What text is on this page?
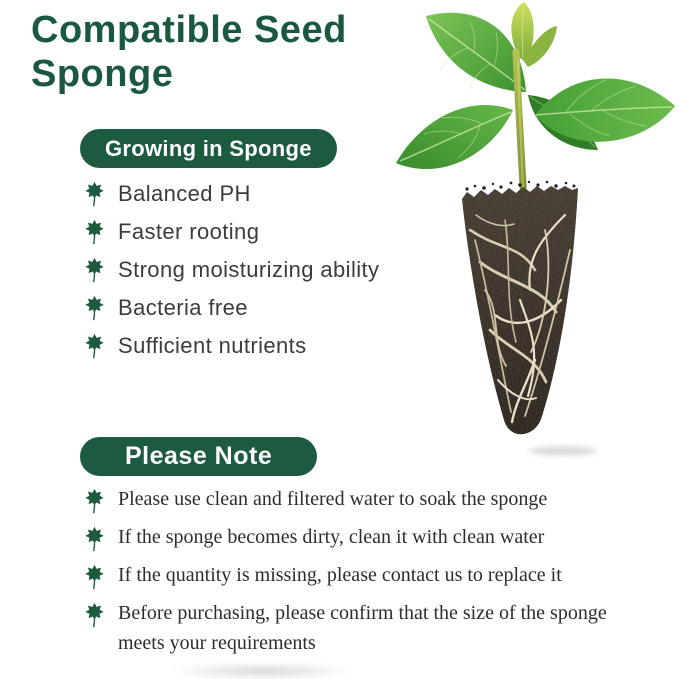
Compatible Seed Sponge
Growing in Sponge
Balanced PH
Faster rooting
Strong moisturizing ability
Bacteria free
Sufficient nutrients
Please Note
Please use clean and filtered water to soak the sponge
If the sponge becomes dirty, clean it with clean water
If the quantity is missing, please contact us to replace it
Before purchasing, please confirm that the size of the sponge meets your requirements
